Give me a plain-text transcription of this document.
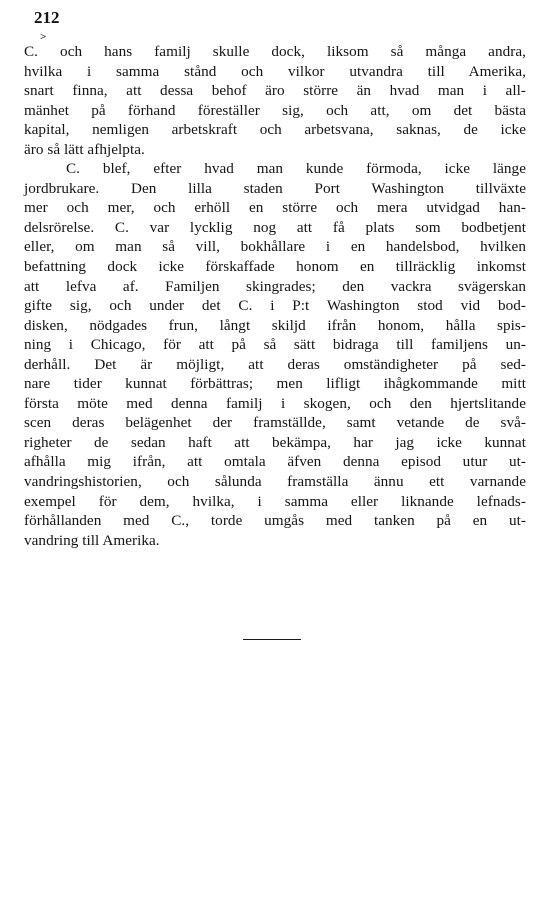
212
>
C. och hans familj skulle dock, liksom så många andra,
hvilka i samma stånd och vilkor utvandra till Amerika,
snart finna, att dessa behof äro större än hvad man i all-
mänhet på förhand föreställer sig, och att, om det bästa
kapital, nemligen arbetskraft och arbetsvana, saknas, de icke
äro så lätt afhjelpta.
C. blef, efter hvad man kunde förmoda, icke länge
jordbrukare. Den lilla staden Port Washington tillväxte
mer och mer, och erhöll en större och mera utvidgad han-
delsrörelse. C. var lycklig nog att få plats som bodbetjent
eller, om man så vill, bokhållare i en handelsbod, hvilken
befattning dock icke förskaffade honom en tillräcklig inkomst
att lefva af. Familjen skingrades; den vackra svägerskan
gifte sig, och under det C. i P:t Washington stod vid bod-
disken, nödgades frun, långt skiljd ifrån honom, hålla spis-
ning i Chicago, för att på så sätt bidraga till familjens un-
derhåll. Det är möjligt, att deras omständigheter på sed-
nare tider kunnat förbättras; men lifligt ihågkommande mitt
första möte med denna familj i skogen, och den hjertslitande
scen deras belägenhet der framställde, samt vetande de svå-
righeter de sedan haft att bekämpa, har jag icke kunnat
afhålla mig ifrån, att omtala äfven denna episod utur ut-
vandringshistorien, och sålunda framställa ännu ett varnande
exempel för dem, hvilka, i samma eller liknande lefnads-
förhållanden med C., torde umgås med tanken på en ut-
vandring till Amerika.
